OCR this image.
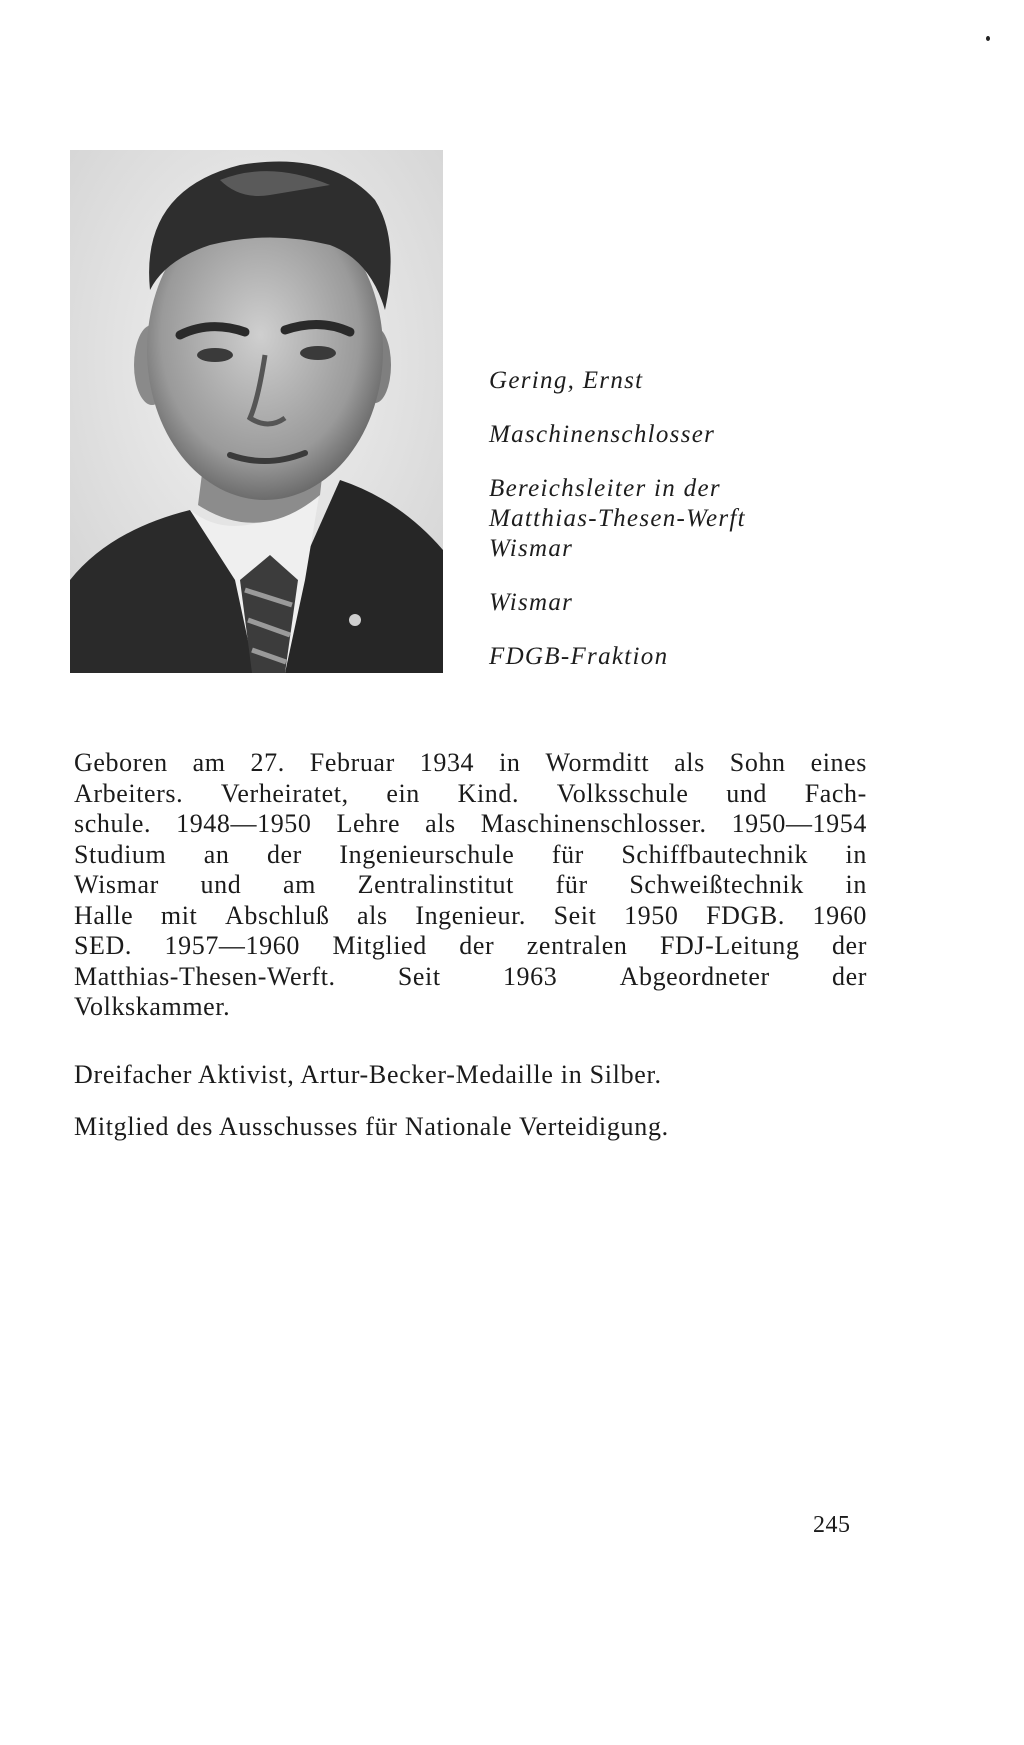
Gering, Ernst

Maschinenschlosser

Bereichsleiter in der

Matthias-Thesen-Werft

Wismar

Wismar

FDGB-Fraktion

Geboren am 27. Februar 1934 in Wormditt als Sohn eines
Arbeiters. Verheiratet, ein Kind. Volksschule und Fach-
schule. 1948—1950 Lehre als Maschinenschlosser. 1950—1954
Studium an der Ingenieurschule für Schiffbautechnik in
Wismar und am Zentralinstitut für Schweißtechnik in
Halle mit Abschluß als Ingenieur. Seit 1950 FDGB. 1960
SED. 1957—1960 Mitglied der zentralen FDJ-Leitung der
Matthias-Thesen-Werft. Seit 1963 Abgeordneter der
Volkskammer.
Dreifacher Aktivist, Artur-Becker-Medaille in Silber.
Mitglied des Ausschusses für Nationale Verteidigung.
245
